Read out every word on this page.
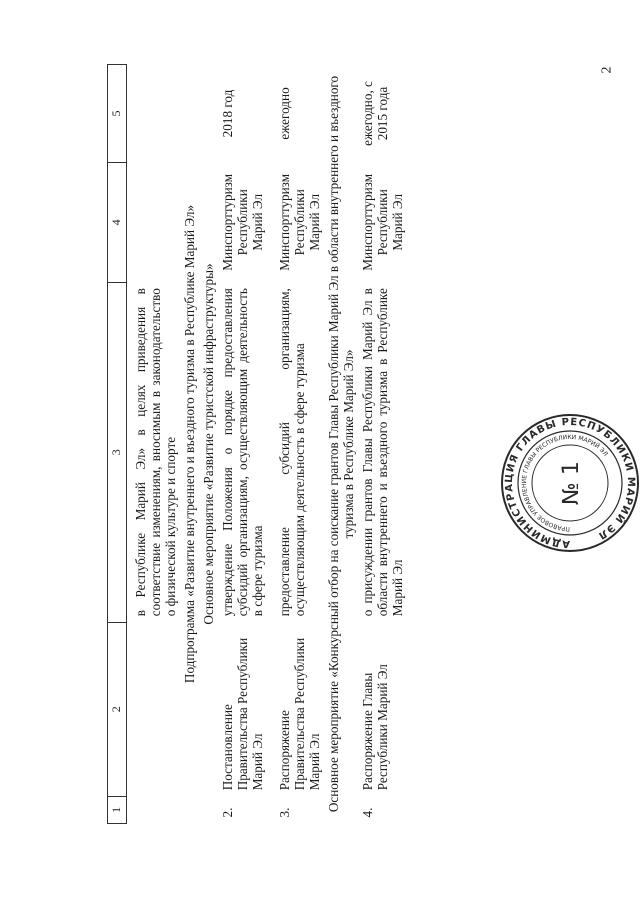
2
1	2	3	4	5
		в Республике Марий Эл» в целях приведения в соответствие изменениям, вносимым в законодательство о физической культуре и спорте		
Подпрограмма «Развитие внутреннего и въездного туризма в Республике Марий Эл»				
Основное мероприятие «Развитие туристской инфраструктуры»				
2.	Постановление Правительства Республики Марий Эл	утверждение Положения о порядке предоставления субсидий организациям, осуществляющим деятельность в сфере туризма	Минспорттуризм Республики Марий Эл	2018 год
3.	Распоряжение Правительства Республики Марий Эл	предоставление субсидий организациям, осуществляющим деятельность в сфере туризма	Минспорттуризм Республики Марий Эл	ежегодно
Основное мероприятие «Конкурсный отбор на соискание грантов Главы Республики Марий Эл в области внутреннего и въездного туризма в Республике Марий Эл»				
4.	Распоряжение Главы Республики Марий Эл	о присуждении грантов Главы Республики Марий Эл в области внутреннего и въездного туризма в Республике Марий Эл	Минспорттуризм Республики Марий Эл	ежегодно, с 2015 года
АДМИНИСТРАЦИЯ ГЛАВЫ РЕСПУБЛИКИ МАРИЙ ЭЛ
ПРАВОВОЕ УПРАВЛЕНИЕ ГЛАВЫ РЕСПУБЛИКИ МАРИЙ ЭЛ
№ 1
